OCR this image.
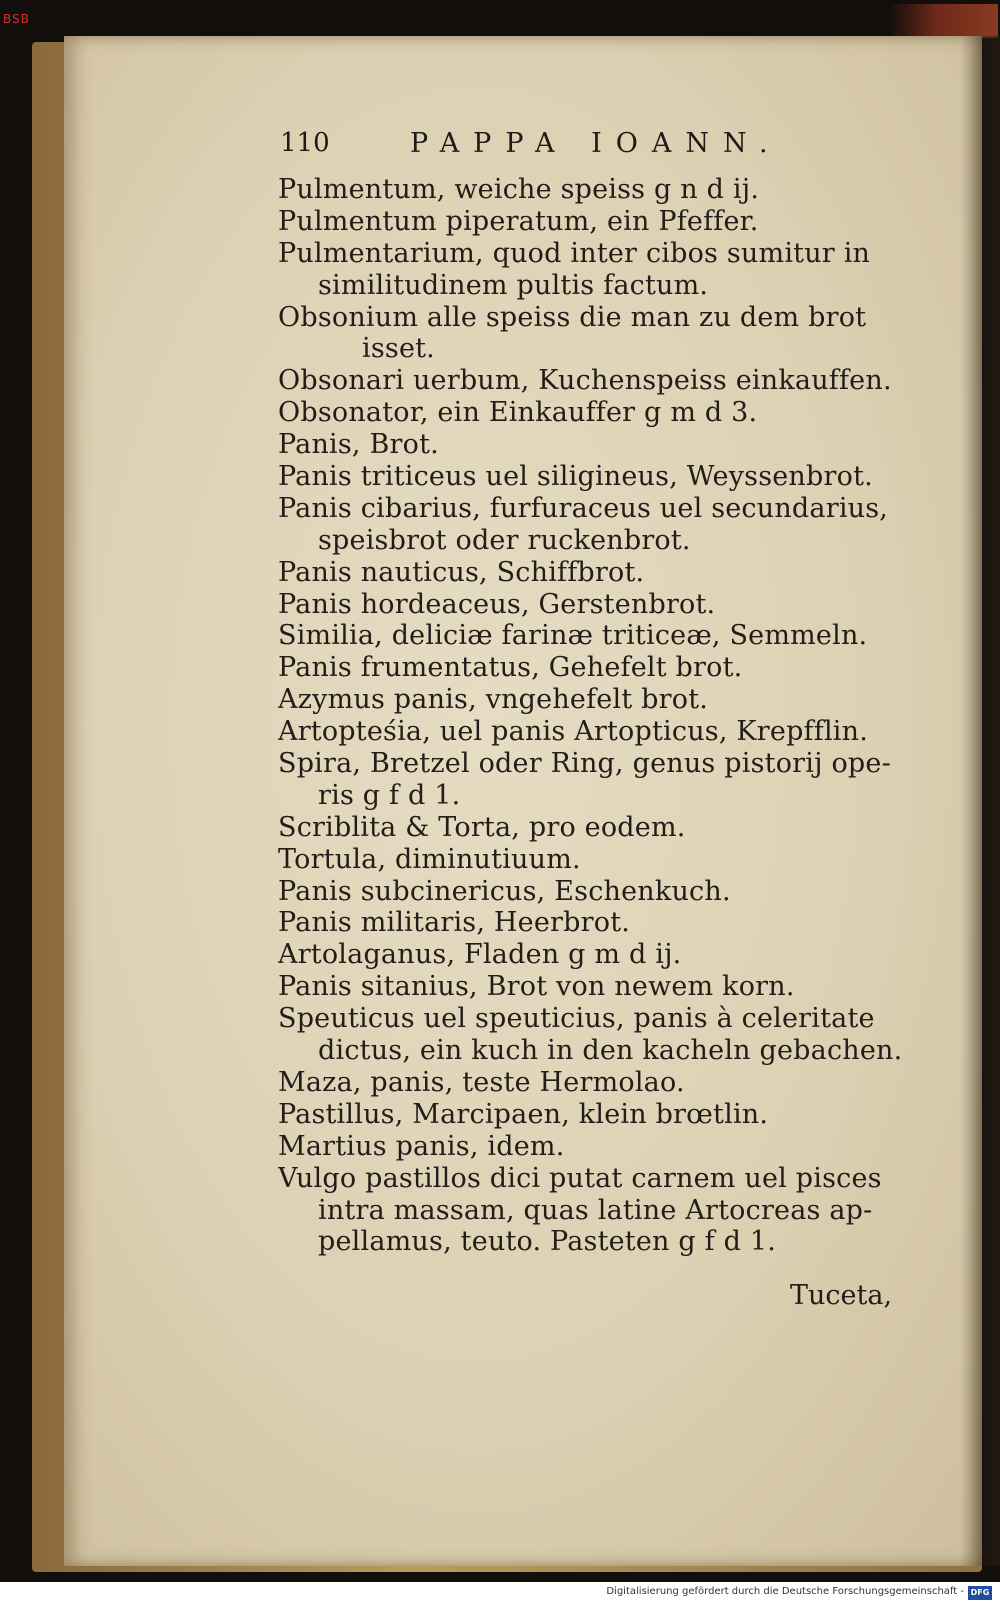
BSB
110	PAPPA IOANN.
Pulmentum, weiche speiss g n d ij.
Pulmentum piperatum, ein Pfeffer.
Pulmentarium, quod inter cibos sumitur in
similitudinem pultis factum.
Obsonium alle speiss die man zu dem brot
isset.
Obsonari uerbum, Kuchenspeiss einkauffen.
Obsonator, ein Einkauffer g m d 3.
Panis, Brot.
Panis triticeus uel siligineus, Weyssenbrot.
Panis cibarius, furfuraceus uel secundarius,
speisbrot oder ruckenbrot.
Panis nauticus, Schiffbrot.
Panis hordeaceus, Gerstenbrot.
Similia, deliciæ farinæ triticeæ, Semmeln.
Panis frumentatus, Gehefelt brot.
Azymus panis, vngehefelt brot.
Artopteśia, uel panis Artopticus, Krepfflin.
Spira, Bretzel oder Ring, genus pistorij ope-
ris g f d 1.
Scriblita & Torta, pro eodem.
Tortula, diminutiuum.
Panis subcinericus, Eschenkuch.
Panis militaris, Heerbrot.
Artolaganus, Fladen g m d ij.
Panis sitanius, Brot von newem korn.
Speuticus uel speuticius, panis à celeritate
dictus, ein kuch in den kacheln gebachen.
Maza, panis, teste Hermolao.
Pastillus, Marcipaen, klein brœtlin.
Martius panis, idem.
Vulgo pastillos dici putat carnem uel pisces
intra massam, quas latine Artocreas ap-
pellamus, teuto. Pasteten g f d 1.
Tuceta,
Digitalisierung gefördert durch die Deutsche Forschungsgemeinschaft - DFG
